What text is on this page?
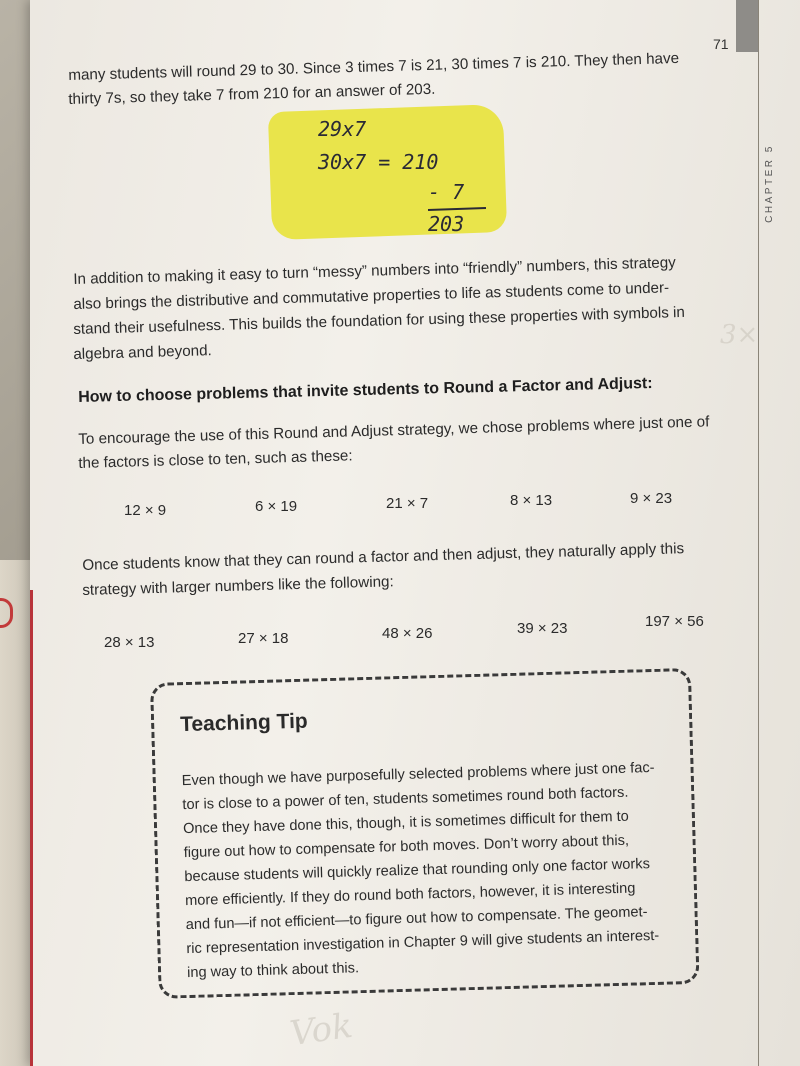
71
CHAPTER 5
3×
Vok

many students will round 29 to 30. Since 3 times 7 is 21, 30 times 7 is 210. They then have

thirty 7s, so they take 7 from 210 for an answer of 203.

29x7
30x7 = 210
- 7
203

In addition to making it easy to turn “messy” numbers into “friendly” numbers, this strategy

also brings the distributive and commutative properties to life as students come to under-

stand their usefulness. This builds the foundation for using these properties with symbols in

algebra and beyond.

How to choose problems that invite students to Round a Factor and Adjust:

To encourage the use of this Round and Adjust strategy, we chose problems where just one of

the factors is close to ten, such as these:

12 × 9	6 × 19	21 × 7	8 × 13	9 × 23

Once students know that they can round a factor and then adjust, they naturally apply this

strategy with larger numbers like the following:

28 × 13	27 × 18	48 × 26	39 × 23	197 × 56
Teaching Tip

Even though we have purposefully selected problems where just one fac-

tor is close to a power of ten, students sometimes round both factors.

Once they have done this, though, it is sometimes difficult for them to

figure out how to compensate for both moves. Don’t worry about this,

because students will quickly realize that rounding only one factor works

more efficiently. If they do round both factors, however, it is interesting

and fun—if not efficient—to figure out how to compensate. The geomet-

ric representation investigation in Chapter 9 will give students an interest-

ing way to think about this.
